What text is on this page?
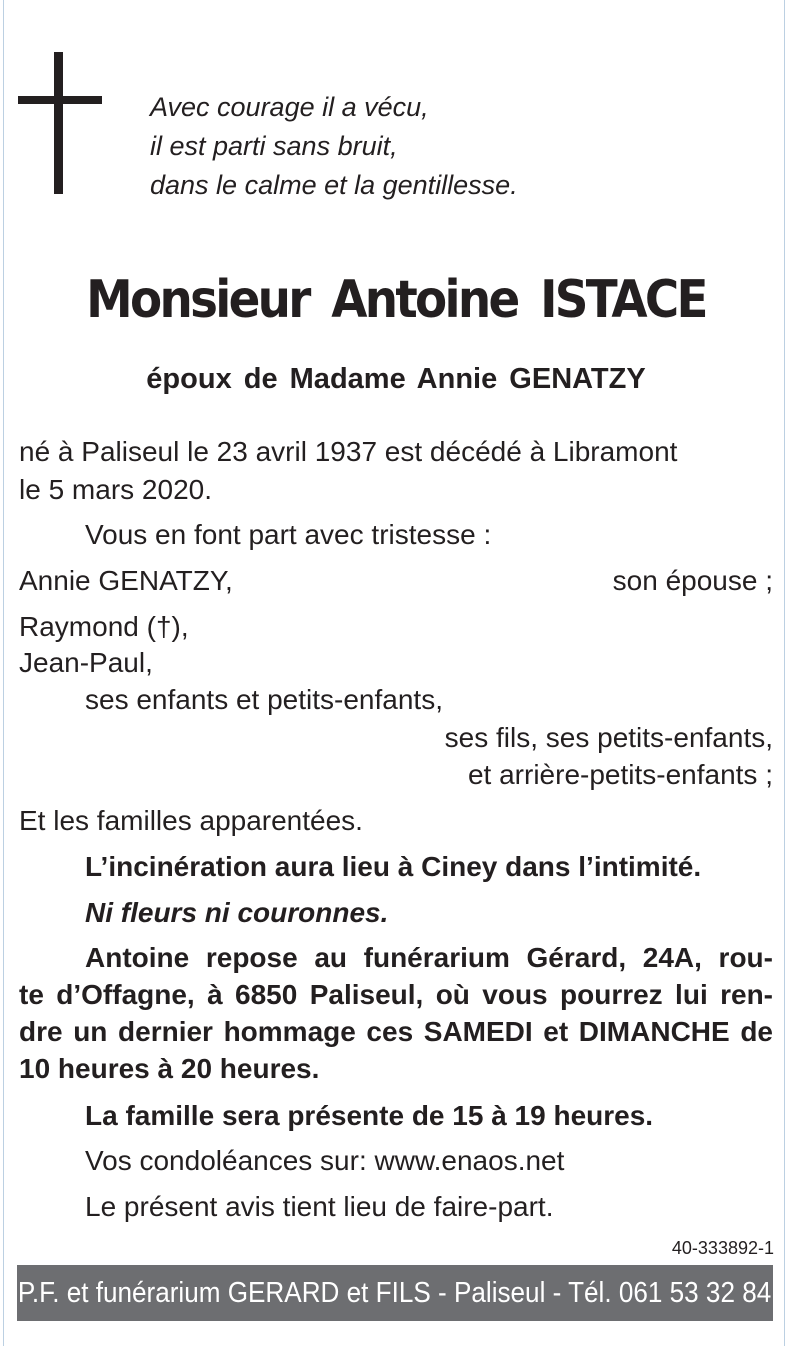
Avec courage il a vécu,
il est parti sans bruit,
dans le calme et la gentillesse.
Monsieur Antoine ISTACE
époux de Madame Annie GENATZY
né à Paliseul le 23 avril 1937 est décédé à Libramont
le 5 mars 2020.
Vous en font part avec tristesse :
Annie GENATZY,	son épouse ;
Raymond (†),
Jean-Paul,
ses enfants et petits-enfants,
ses fils, ses petits-enfants,
et arrière-petits-enfants ;
Et les familles apparentées.
L’incinération aura lieu à Ciney dans l’intimité.
Ni fleurs ni couronnes.
Antoine repose au funérarium Gérard, 24A, rou-
te d’Offagne, à 6850 Paliseul, où vous pourrez lui ren-
dre un dernier hommage ces SAMEDI et DIMANCHE de
10 heures à 20 heures.
La famille sera présente de 15 à 19 heures.
Vos condoléances sur: www.enaos.net
Le présent avis tient lieu de faire-part.
40-333892-1
P.F. et funérarium GERARD et FILS - Paliseul - Tél. 061 53 32 84
